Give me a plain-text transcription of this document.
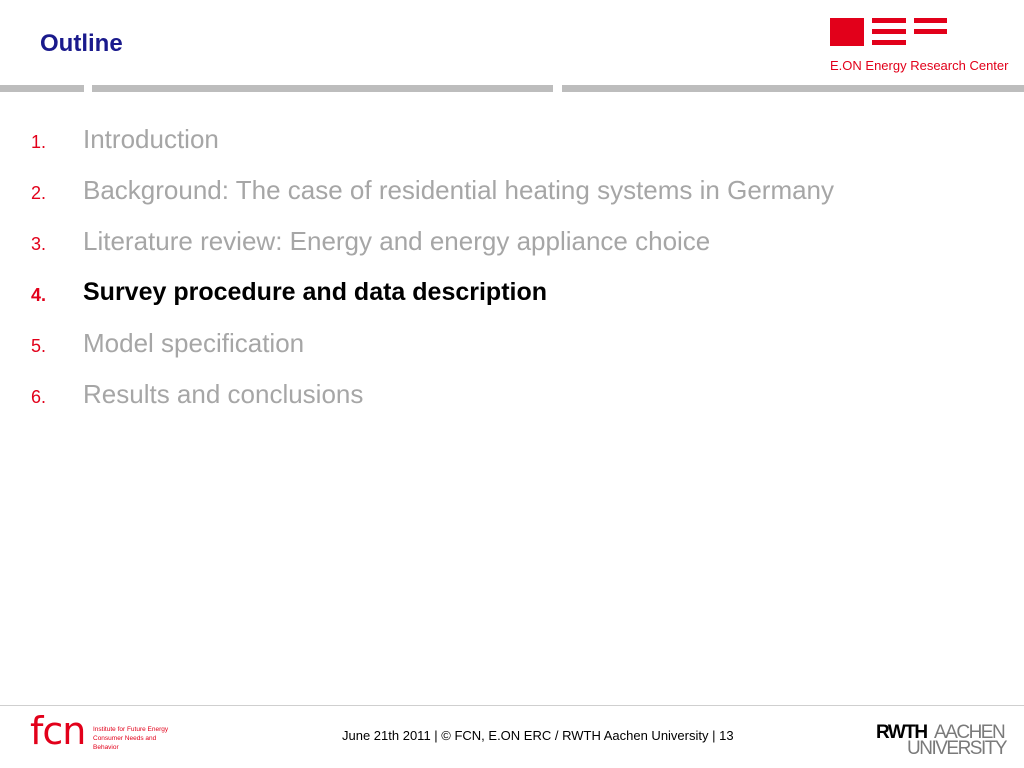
Outline
E.ON Energy Research Center
1. Introduction
2. Background: The case of residential heating systems in Germany
3. Literature review: Energy and energy appliance choice
4. Survey procedure and data description
5. Model specification
6. Results and conclusions
fcn Institute for Future Energy Consumer Needs and Behavior
June 21th 2011 | © FCN, E.ON ERC / RWTH Aachen University | 13	RWTH AACHEN
UNIVERSITY
